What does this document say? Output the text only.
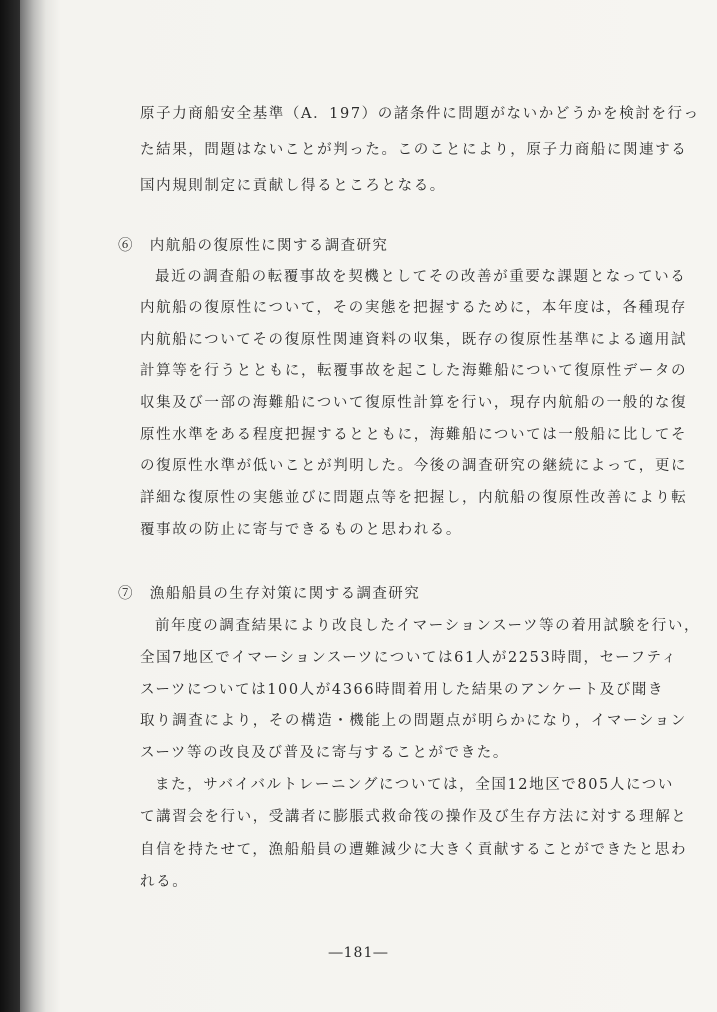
原子力商船安全基準（A．197）の諸条件に問題がないかどうかを検討を行っ
た結果，問題はないことが判った。このことにより，原子力商船に関連する
国内規則制定に貢献し得るところとなる。
⑥　内航船の復原性に関する調査研究
最近の調査船の転覆事故を契機としてその改善が重要な課題となっている
内航船の復原性について，その実態を把握するために，本年度は，各種現存
内航船についてその復原性関連資料の収集，既存の復原性基準による適用試
計算等を行うとともに，転覆事故を起こした海難船について復原性データの
収集及び一部の海難船について復原性計算を行い，現存内航船の一般的な復
原性水準をある程度把握するとともに，海難船については一般船に比してそ
の復原性水準が低いことが判明した。今後の調査研究の継続によって，更に
詳細な復原性の実態並びに問題点等を把握し，内航船の復原性改善により転
覆事故の防止に寄与できるものと思われる。
⑦　漁船船員の生存対策に関する調査研究
前年度の調査結果により改良したイマーションスーツ等の着用試験を行い，
全国7地区でイマーションスーツについては61人が2253時間，セーフティ
スーツについては100人が4366時間着用した結果のアンケート及び聞き
取り調査により，その構造・機能上の問題点が明らかになり，イマーション
スーツ等の改良及び普及に寄与することができた。
また，サバイバルトレーニングについては，全国12地区で805人につい
て講習会を行い，受講者に膨脹式救命筏の操作及び生存方法に対する理解と
自信を持たせて，漁船船員の遭難減少に大きく貢献することができたと思わ
れる。
―181―
